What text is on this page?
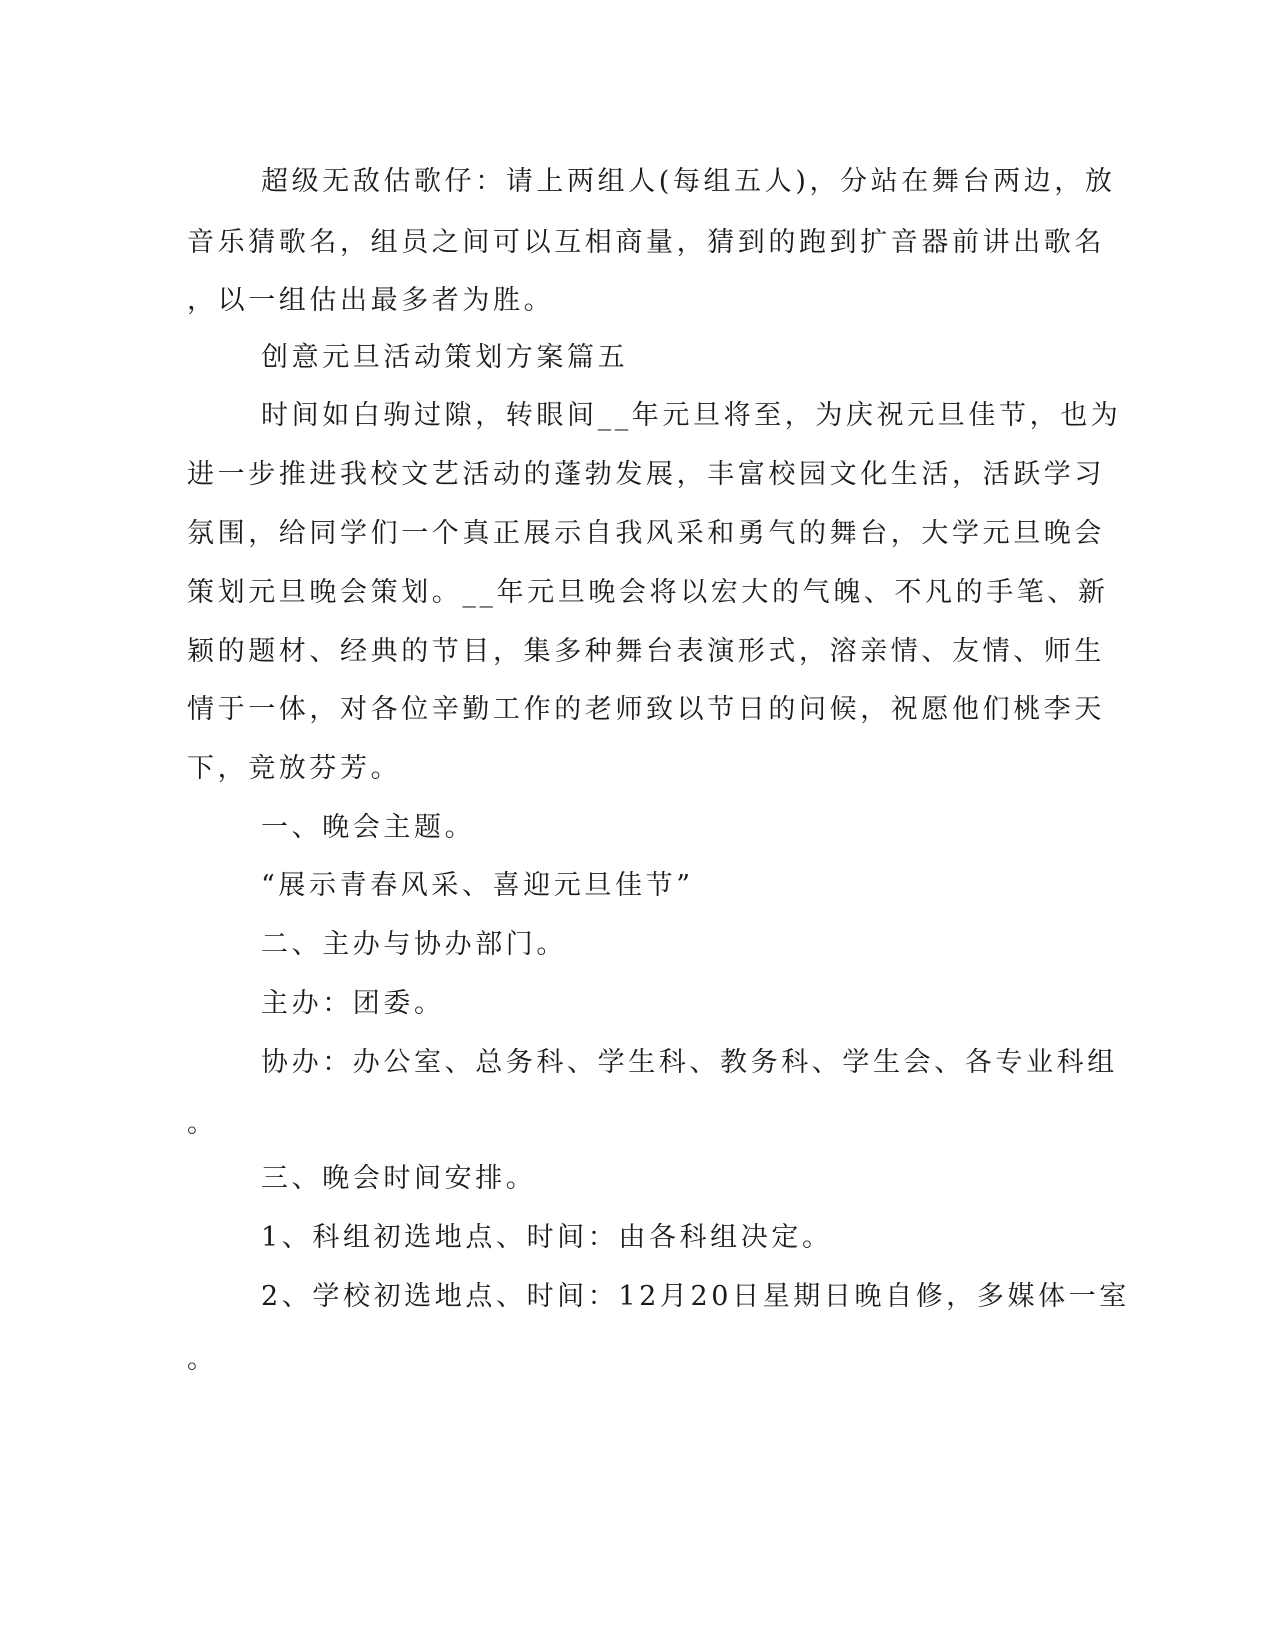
超级无敌估歌仔：请上两组人(每组五人)，分站在舞台两边，放
音乐猜歌名，组员之间可以互相商量，猜到的跑到扩音器前讲出歌名
，以一组估出最多者为胜。
创意元旦活动策划方案篇五
时间如白驹过隙，转眼间__年元旦将至，为庆祝元旦佳节，也为
进一步推进我校文艺活动的蓬勃发展，丰富校园文化生活，活跃学习
氛围，给同学们一个真正展示自我风采和勇气的舞台，大学元旦晚会
策划元旦晚会策划。__年元旦晚会将以宏大的气魄、不凡的手笔、新
颖的题材、经典的节目，集多种舞台表演形式，溶亲情、友情、师生
情于一体，对各位辛勤工作的老师致以节日的问候，祝愿他们桃李天
下，竞放芬芳。
一、晚会主题。
“展示青春风采、喜迎元旦佳节”
二、主办与协办部门。
主办：团委。
协办：办公室、总务科、学生科、教务科、学生会、各专业科组
。
三、晚会时间安排。
1、科组初选地点、时间：由各科组决定。
2、学校初选地点、时间：12月20日星期日晚自修，多媒体一室
。
